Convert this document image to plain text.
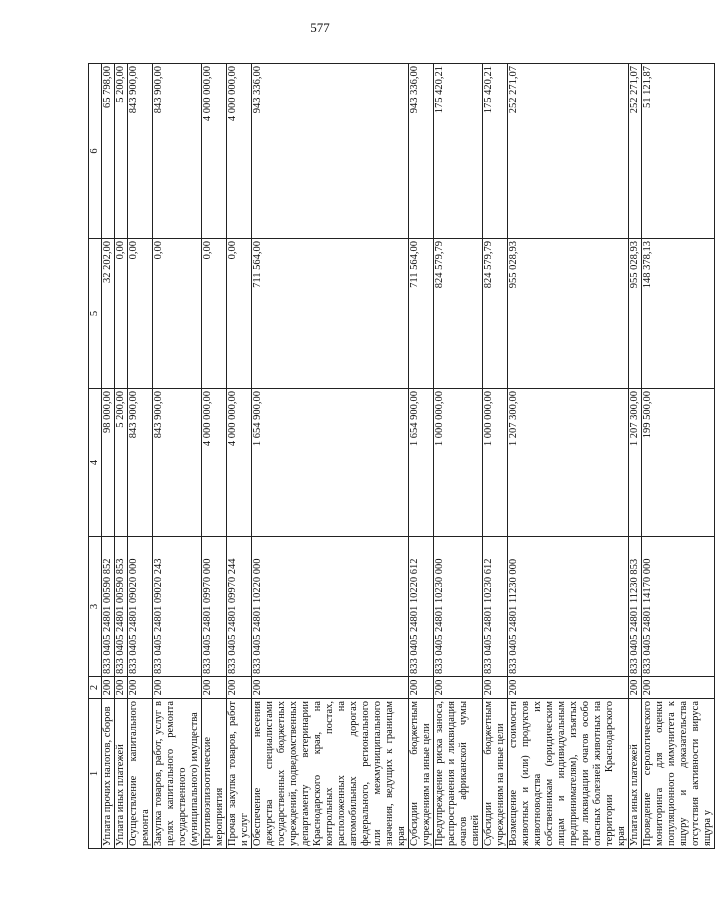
577
1	2	3	4	5	6
Уплата прочих налогов, сборов	200	833 0405 24801 00590 852	98 000,00	32 202,00	65 798,00
Уплата иных платежей	200	833 0405 24801 00590 853	5 200,00	0,00	5 200,00
Осуществление капитального ремонта	200	833 0405 24801 09020 000	843 900,00	0,00	843 900,00
Закупка товаров, работ, услуг в целях капитального ремонта государственного (муниципального) имущества	200	833 0405 24801 09020 243	843 900,00	0,00	843 900,00
Противоэпизоотические мероприятия	200	833 0405 24801 09970 000	4 000 000,00	0,00	4 000 000,00
Прочая закупка товаров, работ и услуг	200	833 0405 24801 09970 244	4 000 000,00	0,00	4 000 000,00
Обеспечение несения дежурства специалистами государственных бюджетных учреждений, подведомственных департаменту ветеринарии Краснодарского края, на контрольных постах, расположенных на автомобильных дорогах федерального, регионального или межмуниципального значения, ведущих к границам края	200	833 0405 24801 10220 000	1 654 900,00	711 564,00	943 336,00
Субсидии бюджетным учреждениям на иные цели	200	833 0405 24801 10220 612	1 654 900,00	711 564,00	943 336,00
Предупреждение риска заноса, распространения и ликвидация очагов африканской чумы свиней	200	833 0405 24801 10230 000	1 000 000,00	824 579,79	175 420,21
Субсидии бюджетным учреждениям на иные цели	200	833 0405 24801 10230 612	1 000 000,00	824 579,79	175 420,21
Возмещение стоимости животных и (или) продуктов животноводства их собственникам (юридическим лицам и индивидуальным предпринимателям), изъятых при ликвидации очагов особо опасных болезней животных на территории Краснодарского края	200	833 0405 24801 11230 000	1 207 300,00	955 028,93	252 271,07
Уплата иных платежей	200	833 0405 24801 11230 853	1 207 300,00	955 028,93	252 271,07
Проведение серологического мониторинга для оценки популяционного иммунитета к ящуру и доказательства отсутствия активности вируса ящура у	200	833 0405 24801 14170 000	199 500,00	148 378,13	51 121,87
